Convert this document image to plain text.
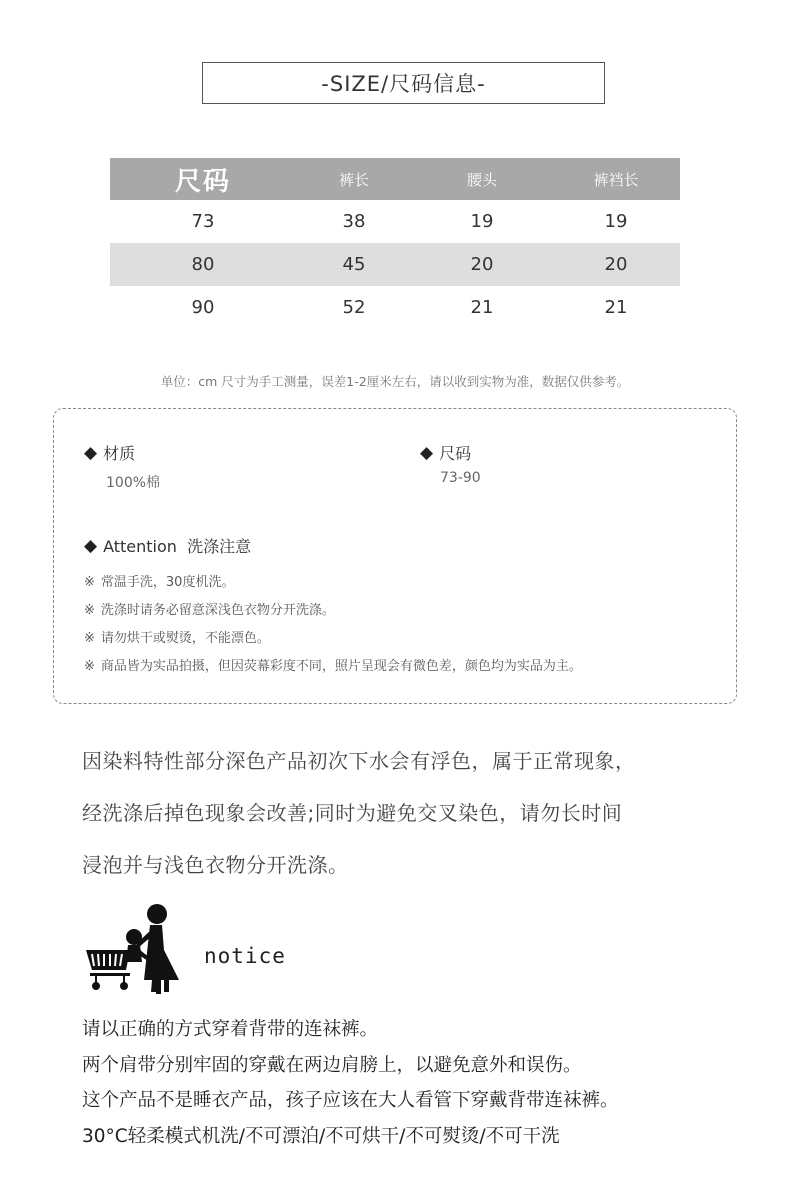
-SIZE/尺码信息-
尺码	裤长	腰头	裤裆长
73	38	19	19
80	45	20	20
90	52	21	21
单位：cm 尺寸为手工测量，误差1-2厘米左右，请以收到实物为准，数据仅供参考。
◆ 材质
100%棉
◆ 尺码
73-90
◆ Attention  洗涤注意
※ 常温手洗，30度机洗。
※ 洗涤时请务必留意深浅色衣物分开洗涤。
※ 请勿烘干或熨烫，不能漂色。
※ 商品皆为实品拍摄，但因荧幕彩度不同，照片呈现会有微色差，颜色均为实品为主。
因染料特性部分深色产品初次下水会有浮色，属于正常现象，
经洗涤后掉色现象会改善;同时为避免交叉染色，请勿长时间
浸泡并与浅色衣物分开洗涤。
notice
请以正确的方式穿着背带的连袜裤。
两个肩带分别牢固的穿戴在两边肩膀上，以避免意外和误伤。
这个产品不是睡衣产品，孩子应该在大人看管下穿戴背带连袜裤。
30°C轻柔模式机洗/不可漂泊/不可烘干/不可熨烫/不可干洗
